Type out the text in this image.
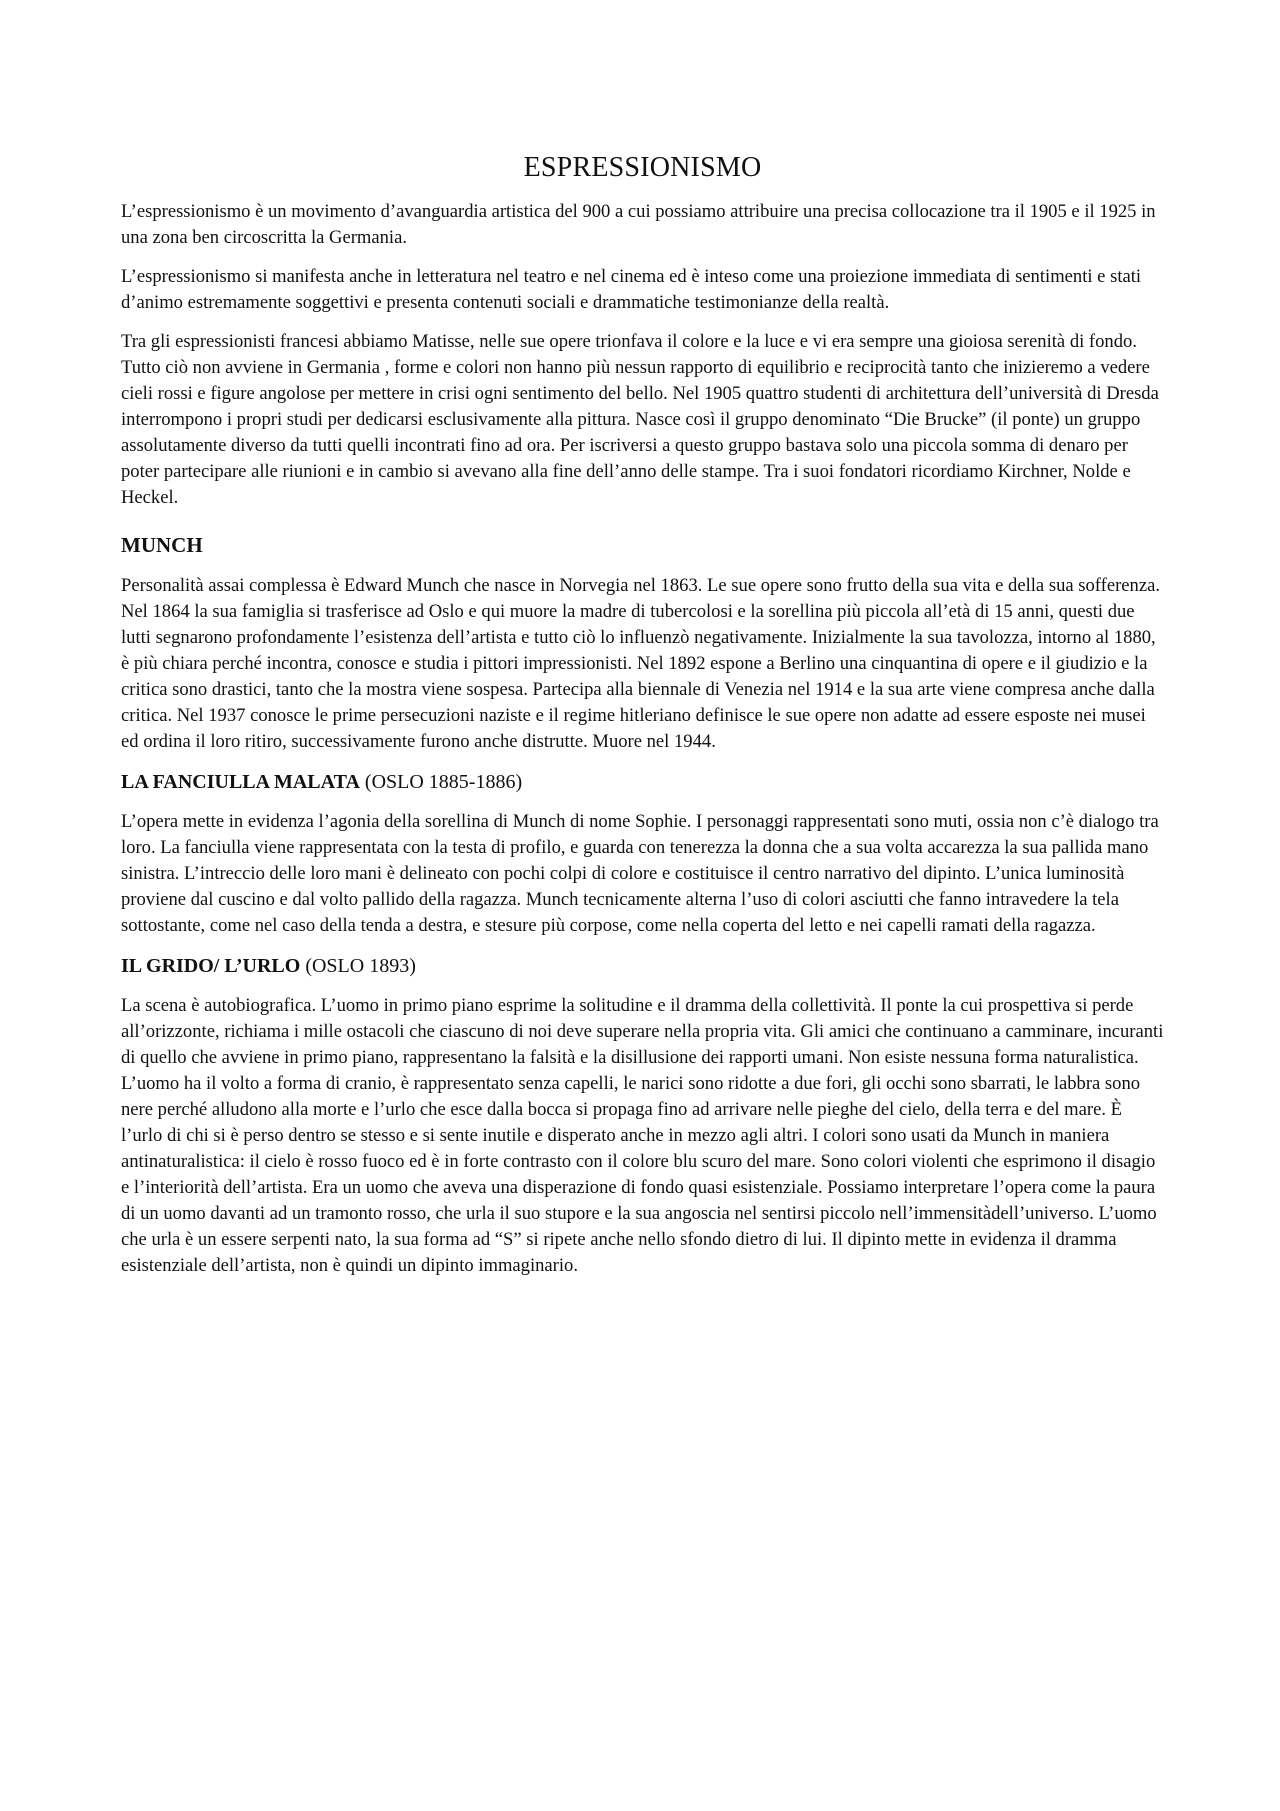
ESPRESSIONISMO

L’espressionismo è un movimento d’avanguardia artistica del 900 a cui possiamo attribuire una precisa collocazione tra il 1905 e il 1925 in una zona ben circoscritta la Germania.

L’espressionismo si manifesta anche in letteratura nel teatro e nel cinema ed è inteso come una proiezione immediata di sentimenti e stati d’animo estremamente soggettivi e presenta contenuti sociali e drammatiche testimonianze della realtà.

Tra gli espressionisti francesi abbiamo Matisse, nelle sue opere trionfava il colore e la luce e vi era sempre una gioiosa serenità di fondo. Tutto ciò non avviene in Germania , forme e colori non hanno più nessun rapporto di equilibrio e reciprocità tanto che inizieremo a vedere cieli rossi e figure angolose per mettere in crisi ogni sentimento del bello. Nel 1905 quattro studenti di architettura dell’università di Dresda interrompono i propri studi per dedicarsi esclusivamente alla pittura. Nasce così il gruppo denominato “Die Brucke” (il ponte) un gruppo assolutamente diverso da tutti quelli incontrati fino ad ora. Per iscriversi a questo gruppo bastava solo una piccola somma di denaro per poter partecipare alle riunioni e in cambio si avevano alla fine dell’anno delle stampe. Tra i suoi fondatori ricordiamo Kirchner, Nolde e Heckel.

MUNCH

Personalità assai complessa è Edward Munch che nasce in Norvegia nel 1863. Le sue opere sono frutto della sua vita e della sua sofferenza. Nel 1864 la sua famiglia si trasferisce ad Oslo e qui muore la madre di tubercolosi e la sorellina più piccola all’età di 15 anni, questi due lutti segnarono profondamente l’esistenza dell’artista e tutto ciò lo influenzò negativamente. Inizialmente la sua tavolozza, intorno al 1880, è più chiara perché incontra, conosce e studia i pittori impressionisti. Nel 1892 espone a Berlino una cinquantina di opere e il giudizio e la critica sono drastici, tanto che la mostra viene sospesa. Partecipa alla biennale di Venezia nel 1914 e la sua arte viene compresa anche dalla critica. Nel 1937 conosce le prime persecuzioni naziste e il regime hitleriano definisce le sue opere non adatte ad essere esposte nei musei ed ordina il loro ritiro, successivamente furono anche distrutte. Muore nel 1944.

LA FANCIULLA MALATA (OSLO 1885-1886)

L’opera mette in evidenza l’agonia della sorellina di Munch di nome Sophie. I personaggi rappresentati sono muti, ossia non c’è dialogo tra loro. La fanciulla viene rappresentata con la testa di profilo, e guarda con tenerezza la donna che a sua volta accarezza la sua pallida mano sinistra. L’intreccio delle loro mani è delineato con pochi colpi di colore e costituisce il centro narrativo del dipinto. L’unica luminosità proviene dal cuscino e dal volto pallido della ragazza. Munch tecnicamente alterna l’uso di colori asciutti che fanno intravedere la tela sottostante, come nel caso della tenda a destra, e stesure più corpose, come nella coperta del letto e nei capelli ramati della ragazza.

IL GRIDO/ L’URLO (OSLO 1893)

La scena è autobiografica. L’uomo in primo piano esprime la solitudine e il dramma della collettività. Il ponte la cui prospettiva si perde all’orizzonte, richiama i mille ostacoli che ciascuno di noi deve superare nella propria vita. Gli amici che continuano a camminare, incuranti di quello che avviene in primo piano, rappresentano la falsità e la disillusione dei rapporti umani. Non esiste nessuna forma naturalistica. L’uomo ha il volto a forma di cranio, è rappresentato senza capelli, le narici sono ridotte a due fori, gli occhi sono sbarrati, le labbra sono nere perché alludono alla morte e l’urlo che esce dalla bocca si propaga fino ad arrivare nelle pieghe del cielo, della terra e del mare. È l’urlo di chi si è perso dentro se stesso e si sente inutile e disperato anche in mezzo agli altri. I colori sono usati da Munch in maniera antinaturalistica: il cielo è rosso fuoco ed è in forte contrasto con il colore blu scuro del mare. Sono colori violenti che esprimono il disagio e l’interiorità dell’artista. Era un uomo che aveva una disperazione di fondo quasi esistenziale. Possiamo interpretare l’opera come la paura di un uomo davanti ad un tramonto rosso, che urla il suo stupore e la sua angoscia nel sentirsi piccolo nell’immensitàdell’universo. L’uomo che urla è un essere serpenti nato, la sua forma ad “S” si ripete anche nello sfondo dietro di lui. Il dipinto mette in evidenza il dramma esistenziale dell’artista, non è quindi un dipinto immaginario.
